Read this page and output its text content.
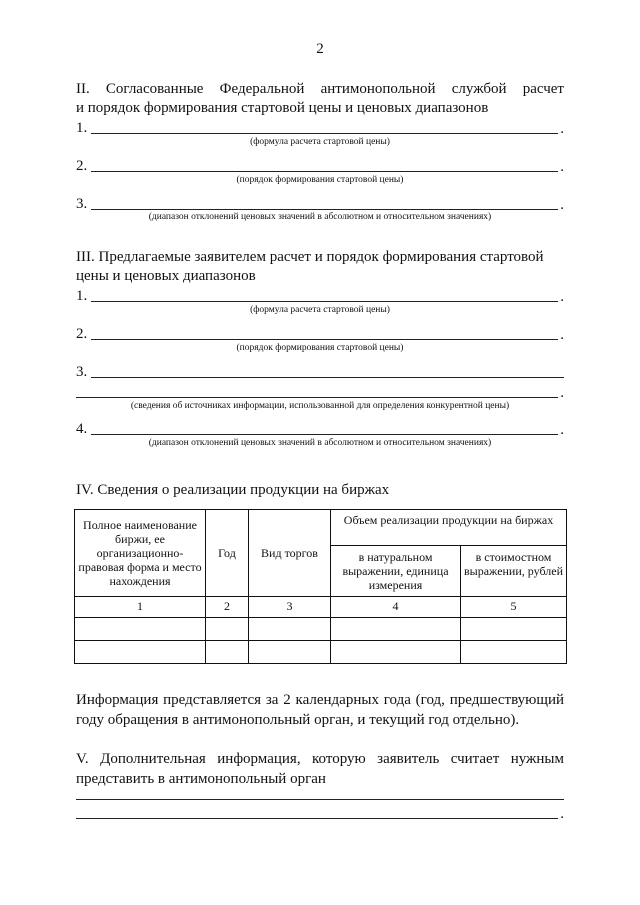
2
II. Согласованные Федеральной антимонопольной службой расчет
и порядок формирования стартовой цены и ценовых диапазонов
1.	.
(формула расчета стартовой цены)
2.	.
(порядок формирования стартовой цены)
3.	.
(диапазон отклонений ценовых значений в абсолютном и относительном значениях)
III. Предлагаемые заявителем расчет и порядок формирования стартовой
цены и ценовых диапазонов
1.	.
(формула расчета стартовой цены)
2.	.
(порядок формирования стартовой цены)
3.
.
(сведения об источниках информации, использованной для определения конкурентной цены)
4.	.
(диапазон отклонений ценовых значений в абсолютном и относительном значениях)
IV. Сведения о реализации продукции на биржах
Полное наименование биржи, ее организационно-правовая форма и место нахождения	Год	Вид торгов	Объем реализации продукции на биржах	
			в натуральном выражении, единица измерения	в стоимостном выражении, рублей
1	2	3	4	5

Информация представляется за 2 календарных года (год, предшествующий году обращения в антимонопольный орган, и текущий год отдельно).
V. Дополнительная информация, которую заявитель считает нужным представить в антимонопольный орган
.
